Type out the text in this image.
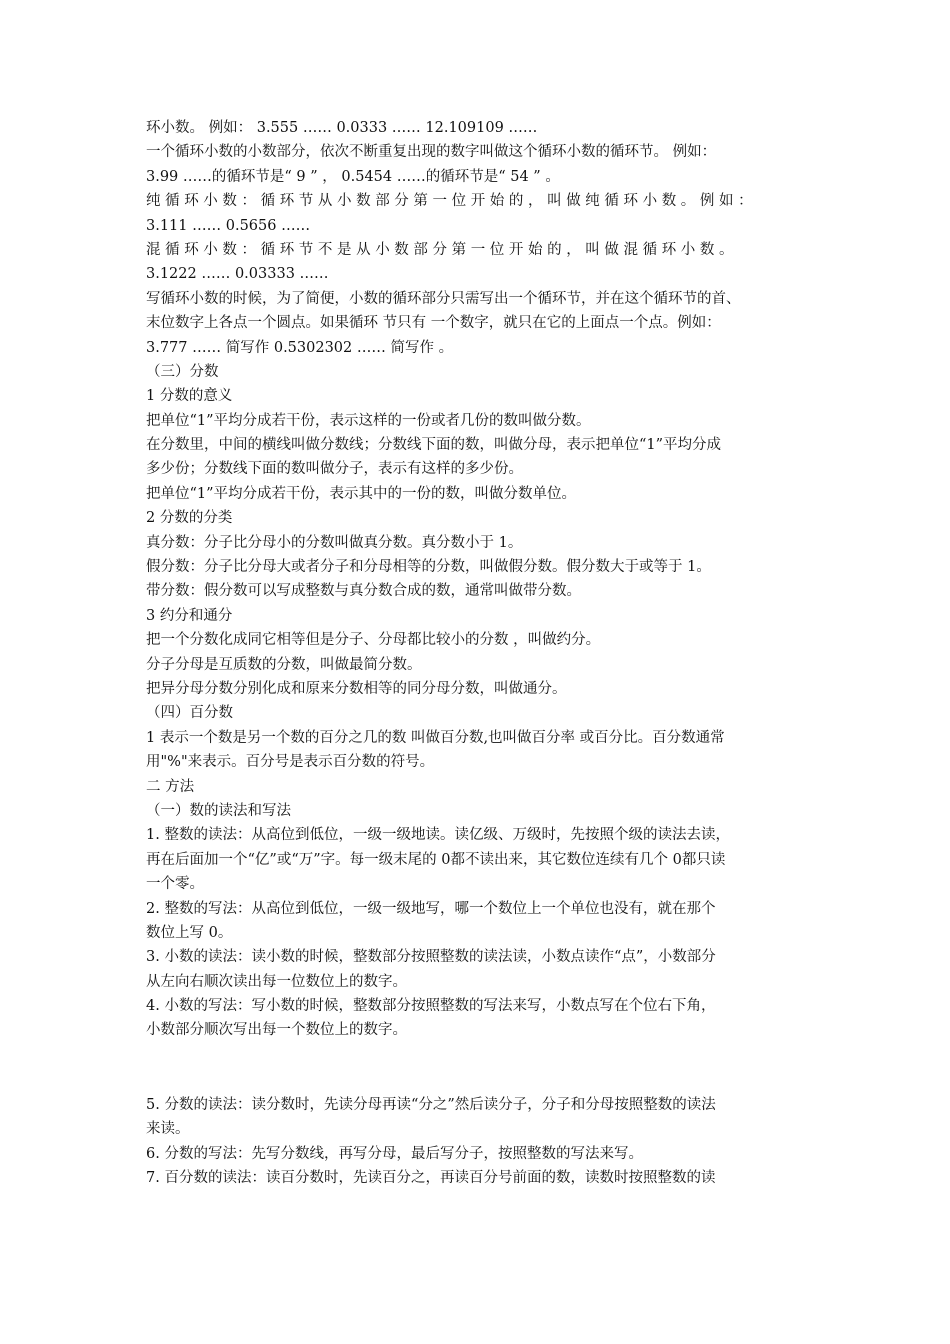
环小数。 例如： 3.555 …… 0.0333 …… 12.109109 ……
一个循环小数的小数部分，依次不断重复出现的数字叫做这个循环小数的循环节。 例如：
3.99 ……的循环节是“ 9 ” ， 0.5454 ……的循环节是“ 54 ” 。
纯循环小数：循环节从小数部分第一位开始的，叫做纯循环小数。例如：
3.111 …… 0.5656 ……
混循环小数：循环节不是从小数部分第一位开始的，叫做混循环小数。
3.1222 …… 0.03333 ……
写循环小数的时候，为了简便，小数的循环部分只需写出一个循环节，并在这个循环节的首、
末位数字上各点一个圆点。如果循环 节只有 一个数字，就只在它的上面点一个点。例如：
3.777 …… 简写作 0.5302302 …… 简写作 。
（三）分数
1 分数的意义
把单位“1”平均分成若干份，表示这样的一份或者几份的数叫做分数。
在分数里，中间的横线叫做分数线；分数线下面的数，叫做分母，表示把单位“1”平均分成
多少份；分数线下面的数叫做分子，表示有这样的多少份。
把单位“1”平均分成若干份，表示其中的一份的数，叫做分数单位。
2 分数的分类
真分数：分子比分母小的分数叫做真分数。真分数小于 1。
假分数：分子比分母大或者分子和分母相等的分数，叫做假分数。假分数大于或等于 1。
带分数：假分数可以写成整数与真分数合成的数，通常叫做带分数。
3 约分和通分
把一个分数化成同它相等但是分子、分母都比较小的分数 ，叫做约分。
分子分母是互质数的分数，叫做最简分数。
把异分母分数分别化成和原来分数相等的同分母分数，叫做通分。
（四）百分数
1 表示一个数是另一个数的百分之几的数 叫做百分数,也叫做百分率 或百分比。百分数通常
用"%"来表示。百分号是表示百分数的符号。
二 方法
（一）数的读法和写法
1. 整数的读法：从高位到低位，一级一级地读。读亿级、万级时，先按照个级的读法去读，
再在后面加一个“亿”或“万”字。每一级末尾的 0都不读出来，其它数位连续有几个 0都只读
一个零。
2. 整数的写法：从高位到低位，一级一级地写，哪一个数位上一个单位也没有，就在那个
数位上写 0。
3. 小数的读法：读小数的时候，整数部分按照整数的读法读，小数点读作“点”，小数部分
从左向右顺次读出每一位数位上的数字。
4. 小数的写法：写小数的时候，整数部分按照整数的写法来写，小数点写在个位右下角，
小数部分顺次写出每一个数位上的数字。
5. 分数的读法：读分数时，先读分母再读“分之”然后读分子，分子和分母按照整数的读法
来读。
6. 分数的写法：先写分数线，再写分母，最后写分子，按照整数的写法来写。
7. 百分数的读法：读百分数时，先读百分之，再读百分号前面的数，读数时按照整数的读
